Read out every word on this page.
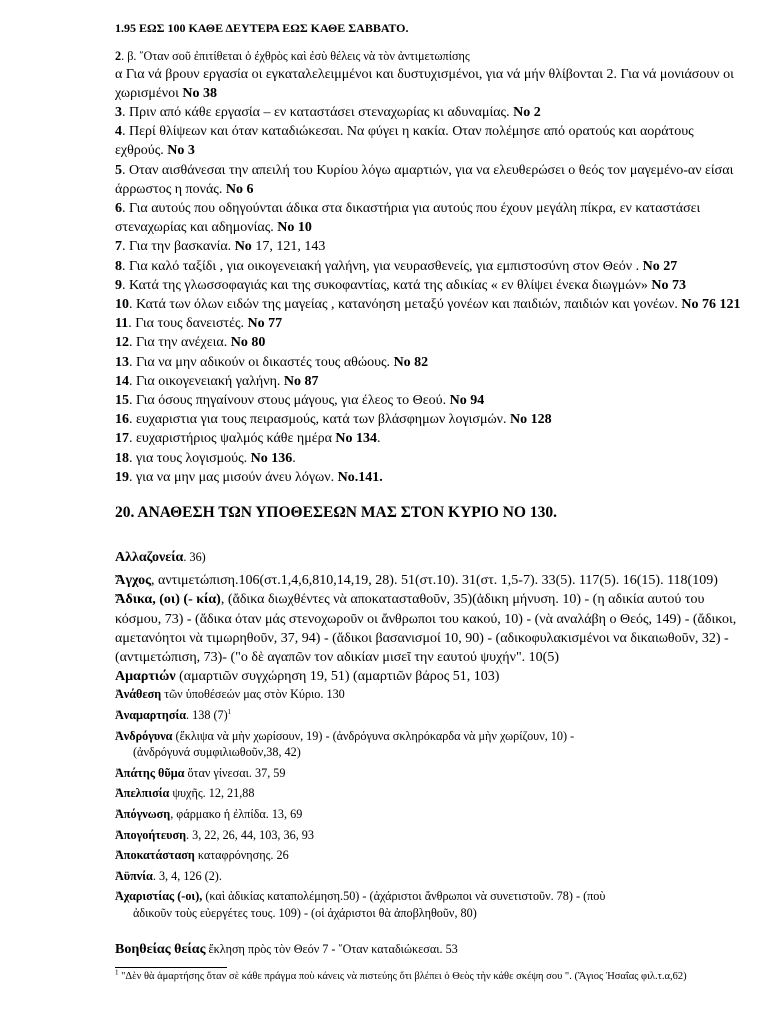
1.95 ΕΩΣ 100 ΚΑΘΕ ΔΕΥΤΕΡΑ ΕΩΣ ΚΑΘΕ ΣΑΒΒΑΤΟ.

2. β. ῞Οταν σοῦ ἐπιτίθεται ὁ ἐχθρὸς καὶ ἐσὺ θέλεις νὰ τὸν ἀντιμετωπίσης

α Για νά βρουν εργασία οι εγκαταλελειμμένοι και δυστυχισμένοι, για νά μήν θλίβονται 2. Για νά μονιάσουν οι χωρισμένοι Νο 38

3. Πριν από κάθε εργασία – εν καταστάσει στεναχωρίας κι αδυναμίας. Νο 2

4. Περί θλίψεων και όταν καταδιώκεσαι. Να φύγει η κακία. Οταν πολέμησε από ορατούς και αοράτους εχθρούς. Νο 3

5. Οταν αισθάνεσαι την απειλή του Κυρίου λόγω αμαρτιών, για να ελευθερώσει ο θεός τον μαγεμένο-αν είσαι άρρωστος η πονάς. Νο 6

6. Για αυτούς που οδηγούνται άδικα στα δικαστήρια για αυτούς που έχουν μεγάλη πίκρα, εν καταστάσει στεναχωρίας και αδημονίας. Νο 10

7. Για την βασκανία. Νο 17, 121, 143

8. Για καλό ταξίδι , για οικογενειακή γαλήνη, για νευρασθενείς, για εμπιστοσύνη στον Θεόν . Νο 27

9. Κατά της γλωσσοφαγιάς και της συκοφαντίας, κατά της αδικίας « εν θλίψει ένεκα διωγμών» Νο 73

10. Κατά των όλων ειδών της μαγείας , κατανόηση μεταξύ γονέων και παιδιών, παιδιών και γονέων. Νο 76 121

11. Για τους δανειστές. Νο 77

12. Για την ανέχεια. Νο 80

13. Για να μην αδικούν οι δικαστές τους αθώους. Νο 82

14. Για οικογενειακή γαλήνη. Νο 87

15. Για όσους πηγαίνουν στους μάγους, για έλεος το Θεού. Νο 94

16. ευχαριστια για τους πειρασμούς, κατά των βλάσφημων λογισμών. Νο 128

17. ευχαριστήριος ψαλμός κάθε ημέρα Νο 134.

18. για τους λογισμούς. Νο 136.

19. για να μην μας μισούν άνευ λόγων. Νο.141.

20. ΑΝΑΘΕΣΗ ΤΩΝ ΥΠΟΘΕΣΕΩΝ ΜΑΣ ΣΤΟΝ ΚΥΡΙΟ ΝΟ 130.

Αλλαζονεία. 36)

Ἄγχος, αντιμετώπιση.106(στ.1,4,6,810,14,19, 28). 51(στ.10). 31(στ. 1,5-7). 33(5). 117(5). 16(15). 118(109)

Ἄδικα, (οι) (- κία), (ἄδικα διωχθέντες νὰ αποκατασταθοῦν, 35)(ἀδικη μήνυση. 10) - (η αδικία αυτού του κόσμου, 73) - (ἄδικα όταν μάς στενοχωροῦν οι ἄνθρωποι του κακού, 10) - (νὰ αναλάβη ο Θεός, 149) - (ἄδικοι, αμετανόητοι νὰ τιμωρηθοῦν, 37, 94) - (ἄδικοι βασανισμοί 10, 90) - (αδικοφυλακισμένοι να δικαιωθοῦν, 32) - (αντιμετώπιση, 73)- ("ο δὲ αγαπῶν τον αδικίαν μισεῖ την εαυτού ψυχήν". 10(5)

Αμαρτιών (αμαρτιῶν συγχώρηση 19, 51) (αμαρτιῶν βάρος 51, 103)

Ἀνάθεση τῶν ὑποθέσεών μας στὸν Κύριο. 130

Ἀναμαρτησία. 138 $(7)^1$

Ἀνδρόγυνα (ἔκλιψα νὰ μὴν χωρίσουν, 19) - (ἀνδρόγυνα σκληρόκαρδα νὰ μὴν χωρίζουν, 10) -
(ἀνδρόγυνά συμφιλιωθοῦν,38, 42)

Ἀπάτης θῦμα ὅταν γίνεσαι. 37, 59

Ἀπελπισία ψυχῆς. 12, 21,88

Ἀπόγνωση, φάρμακο ἡ ἐλπίδα. 13, 69

Ἀπογοήτευση. 3, 22, 26, 44, 103, 36, 93

Ἀποκατάσταση καταφρόνησης. 26

Ἀϋπνία. 3, 4, 126 (2).

Ἀχαριστίας (-οι), (καὶ ἀδικίας καταπολέμηση.50) - (ἀχάριστοι ἄνθρωποι νὰ συνετιστοῦν. 78) - (ποὺ
ἀδικοῦν τοὺς εὐεργέτες τους. 109) - (οἱ ἀχάριστοι θὰ ἀποβληθοῦν, 80)

Βοηθείας θείας ἔκληση πρὸς τὸν Θεόν 7 - ῞Οταν καταδιώκεσαι. 53

$^1$ "Δὲν θὰ ἁμαρτήσης ὅταν σὲ κάθε πράγμα ποὺ κάνεις νὰ πιστεύης ὅτι βλέπει ὁ Θεὸς τὴν κάθε σκέψη σου ". (Ἅγιος Ἠσαΐας φιλ.τ.α,62)
